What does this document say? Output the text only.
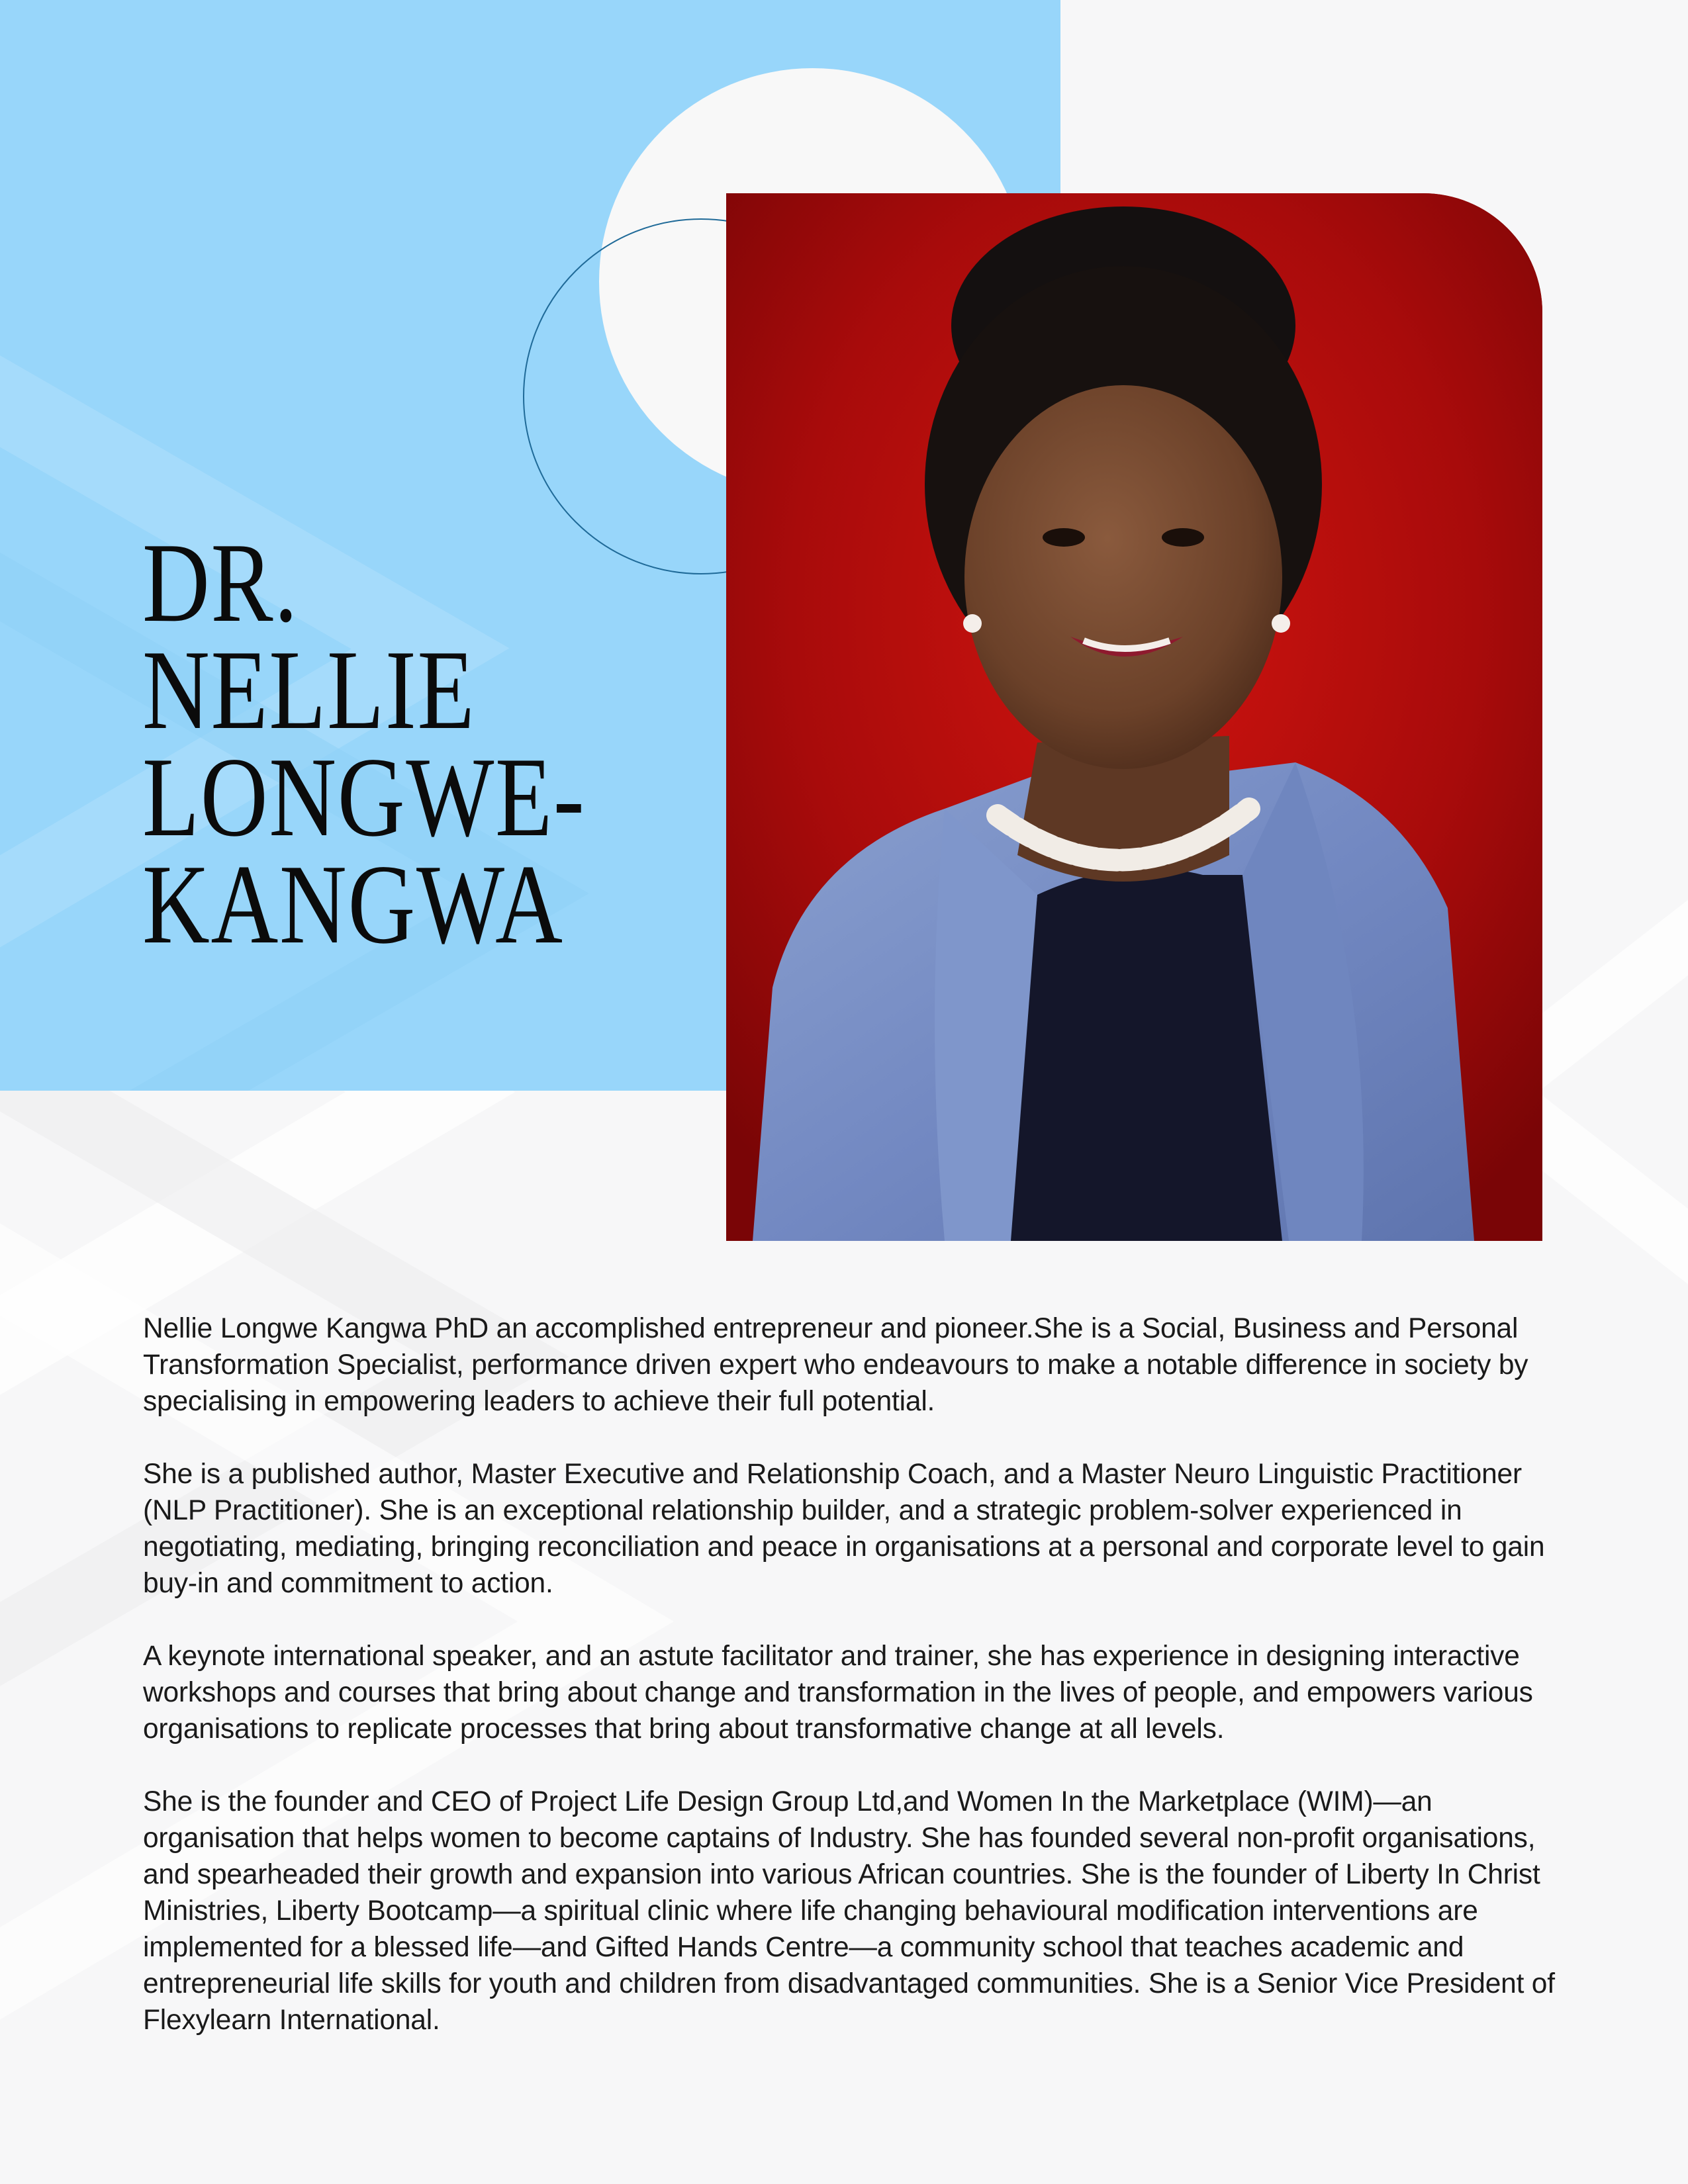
DR.
NELLIE
LONGWE-
KANGWA

Nellie Longwe Kangwa PhD an accomplished entrepreneur and pioneer.She is a Social, Business and Personal Transformation Specialist, performance driven expert who endeavours to make a notable difference in society by specialising in empowering leaders to achieve their full potential.

She is a published author, Master Executive and Relationship Coach, and a Master Neuro Linguistic Practitioner (NLP Practitioner). She is an exceptional relationship builder, and a strategic problem-solver experienced in negotiating, mediating, bringing reconciliation and peace in organisations at a personal and corporate level to gain buy-in and commitment to action.

A keynote international speaker, and an astute facilitator and trainer, she has experience in designing interactive workshops and courses that bring about change and transformation in the lives of people, and empowers various organisations to replicate processes that bring about transformative change at all levels.

She is the founder and CEO of Project Life Design Group Ltd,and Women In the Marketplace (WIM)—an organisation that helps women to become captains of Industry. She has founded several non-profit organisations, and spearheaded their growth and expansion into various African countries. She is the founder of Liberty In Christ Ministries, Liberty Bootcamp—a spiritual clinic where life changing behavioural modification interventions are implemented for a blessed life—and Gifted Hands Centre—a community school that teaches academic and entrepreneurial life skills for youth and children from disadvantaged communities. She is a Senior Vice President of Flexylearn International.
